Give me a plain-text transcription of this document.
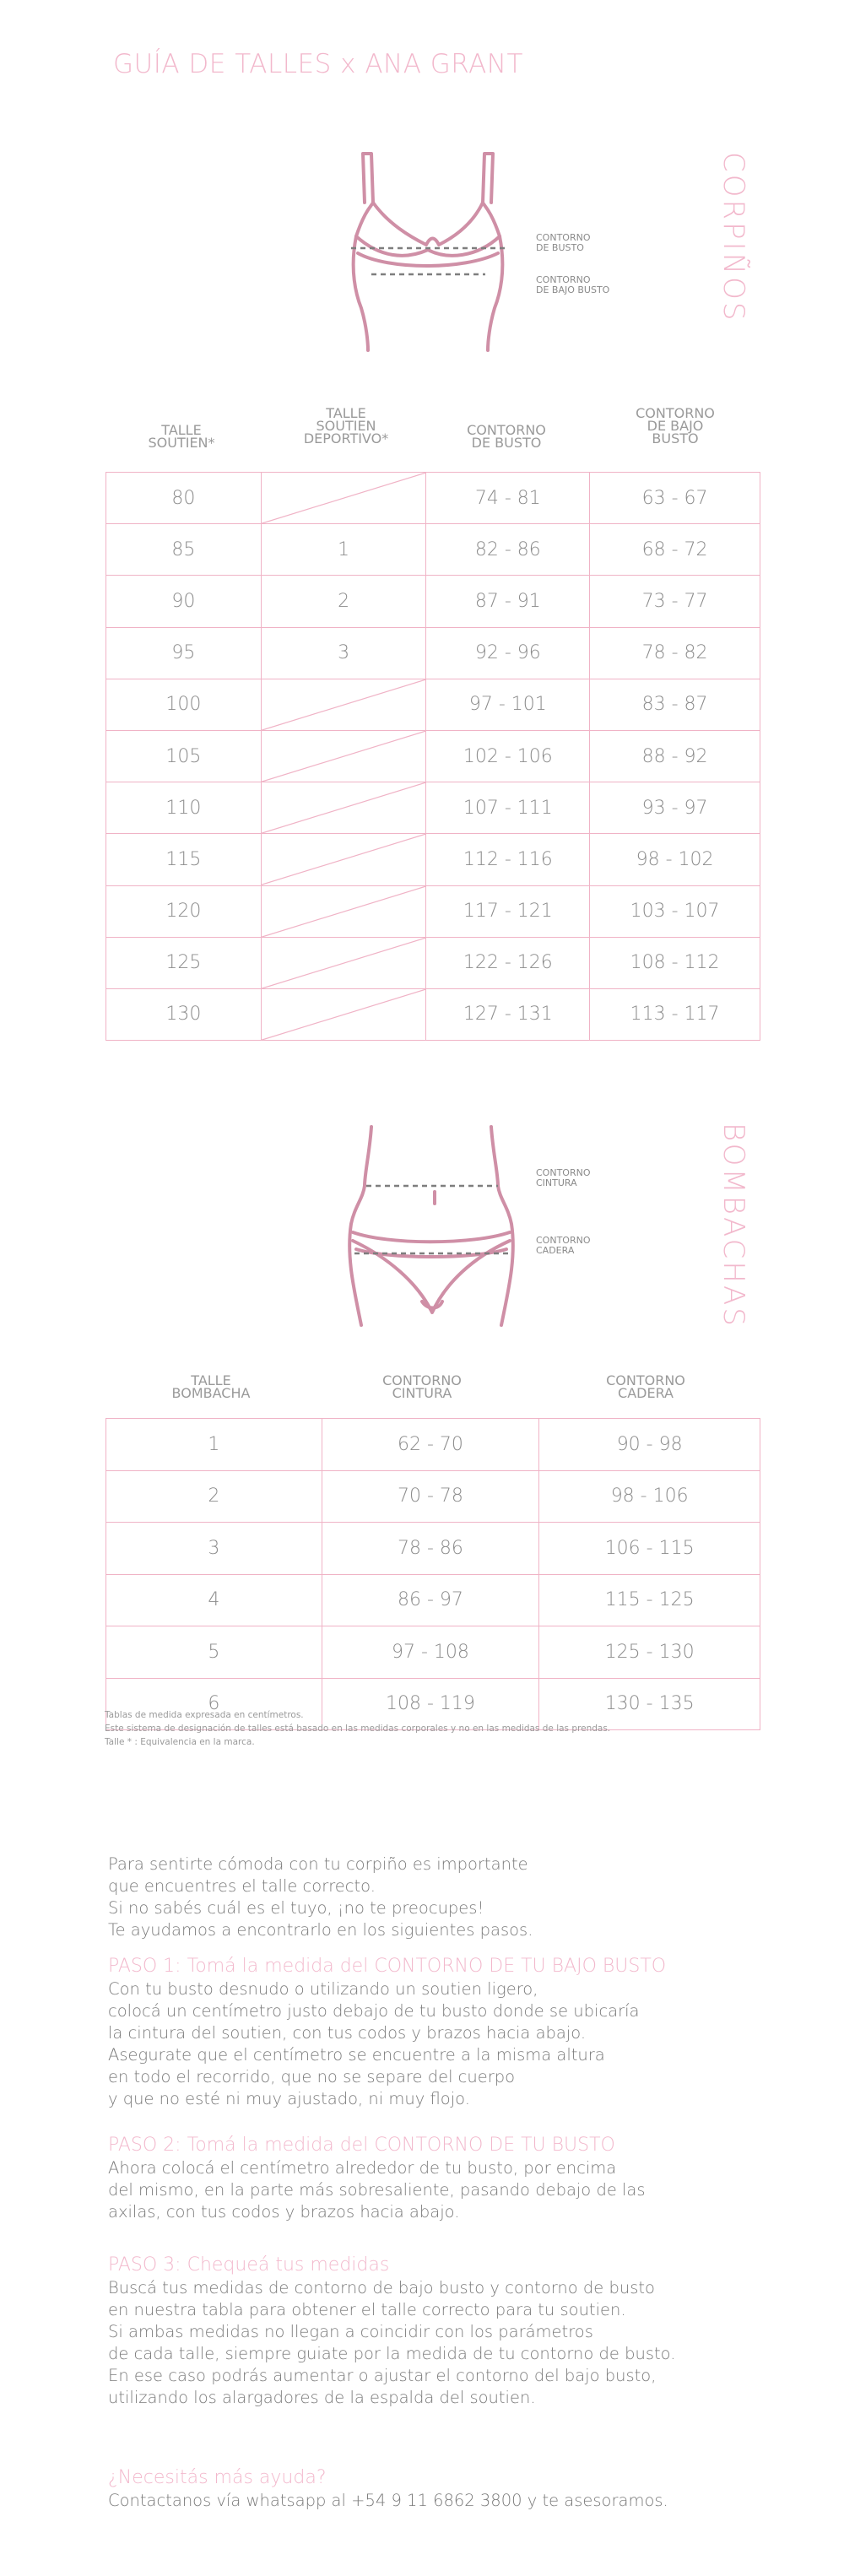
GUÍA DE TALLES x ANA GRANT
CORPIÑOS
CONTORNO
DE BUSTO
CONTORNO
DE BAJO BUSTO
TALLE
SOUTIEN*
TALLE
SOUTIEN
DEPORTIVO*
CONTORNO
DE BUSTO
CONTORNO
DE BAJO
BUSTO
80		74 - 81	63 - 67
85	1	82 - 86	68 - 72
90	2	87 - 91	73 - 77
95	3	92 - 96	78 - 82
100		97 - 101	83 - 87
105		102 - 106	88 - 92
110		107 - 111	93 - 97
115		112 - 116	98 - 102
120		117 - 121	103 - 107
125		122 - 126	108 - 112
130		127 - 131	113 - 117
BOMBACHAS
CONTORNO
CINTURA
CONTORNO
CADERA
TALLE
BOMBACHA
CONTORNO
CINTURA
CONTORNO
CADERA
1	62 - 70	90 - 98
2	70 - 78	98 - 106
3	78 - 86	106 - 115
4	86 - 97	115 - 125
5	97 - 108	125 - 130
6	108 - 119	130 - 135
Tablas de medida expresada en centímetros.
Este sistema de designación de talles está basado en las medidas corporales y no en las medidas de las prendas.
Talle * : Equivalencia en la marca.
Para sentirte cómoda con tu corpiño es importante
que encuentres el talle correcto.
Si no sabés cuál es el tuyo, ¡no te preocupes!
Te ayudamos a encontrarlo en los siguientes pasos.
PASO 1: Tomá la medida del CONTORNO DE TU BAJO BUSTO
Con tu busto desnudo o utilizando un soutien ligero,
colocá un centímetro justo debajo de tu busto donde se ubicaría
la cintura del soutien, con tus codos y brazos hacia abajo.
Asegurate que el centímetro se encuentre a la misma altura
en todo el recorrido, que no se separe del cuerpo
y que no esté ni muy ajustado, ni muy flojo.
PASO 2: Tomá la medida del CONTORNO DE TU BUSTO
Ahora colocá el centímetro alrededor de tu busto, por encima
del mismo, en la parte más sobresaliente, pasando debajo de las
axilas, con tus codos y brazos hacia abajo.
PASO 3: Chequeá tus medidas
Buscá tus medidas de contorno de bajo busto y contorno de busto
en nuestra tabla para obtener el talle correcto para tu soutien.
Si ambas medidas no llegan a coincidir con los parámetros
de cada talle, siempre guiate por la medida de tu contorno de busto.
En ese caso podrás aumentar o ajustar el contorno del bajo busto,
utilizando los alargadores de la espalda del soutien.
¿Necesitás más ayuda?
Contactanos vía whatsapp al +54 9 11 6862 3800 y te asesoramos.
